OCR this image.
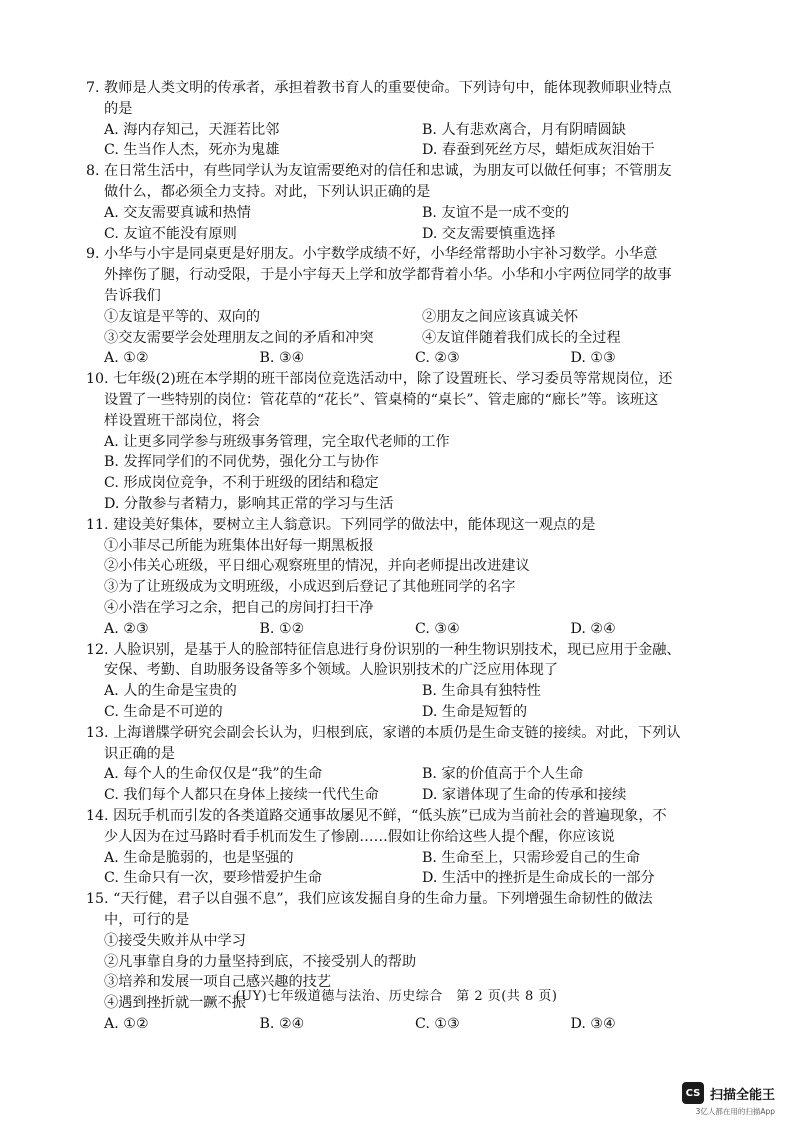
7. 教师是人类文明的传承者，承担着教书育人的重要使命。下列诗句中，能体现教师职业特点
的是
A. 海内存知己，天涯若比邻	B. 人有悲欢离合，月有阴晴圆缺
C. 生当作人杰，死亦为鬼雄	D. 春蚕到死丝方尽，蜡炬成灰泪始干
8. 在日常生活中，有些同学认为友谊需要绝对的信任和忠诚，为朋友可以做任何事；不管朋友
做什么，都必须全力支持。对此，下列认识正确的是
A. 交友需要真诚和热情	B. 友谊不是一成不变的
C. 友谊不能没有原则	D. 交友需要慎重选择
9. 小华与小宇是同桌更是好朋友。小宇数学成绩不好，小华经常帮助小宇补习数学。小华意
外摔伤了腿，行动受限，于是小宇每天上学和放学都背着小华。小华和小宇两位同学的故事
告诉我们
①友谊是平等的、双向的	②朋友之间应该真诚关怀
③交友需要学会处理朋友之间的矛盾和冲突	④友谊伴随着我们成长的全过程
A. ①②	B. ③④	C. ②③	D. ①③
10. 七年级(2)班在本学期的班干部岗位竞选活动中，除了设置班长、学习委员等常规岗位，还
设置了一些特别的岗位：管花草的“花长”、管桌椅的“桌长”、管走廊的“廊长”等。该班这
样设置班干部岗位，将会
A. 让更多同学参与班级事务管理，完全取代老师的工作
B. 发挥同学们的不同优势，强化分工与协作
C. 形成岗位竞争，不利于班级的团结和稳定
D. 分散参与者精力，影响其正常的学习与生活
11. 建设美好集体，要树立主人翁意识。下列同学的做法中，能体现这一观点的是
①小菲尽己所能为班集体出好每一期黑板报
②小伟关心班级，平日细心观察班里的情况，并向老师提出改进建议
③为了让班级成为文明班级，小成迟到后登记了其他班同学的名字
④小浩在学习之余，把自己的房间打扫干净
A. ②③	B. ①②	C. ③④	D. ②④
12. 人脸识别，是基于人的脸部特征信息进行身份识别的一种生物识别技术，现已应用于金融、
安保、考勤、自助服务设备等多个领域。人脸识别技术的广泛应用体现了
A. 人的生命是宝贵的	B. 生命具有独特性
C. 生命是不可逆的	D. 生命是短暂的
13. 上海谱牒学研究会副会长认为，归根到底，家谱的本质仍是生命支链的接续。对此，下列认
识正确的是
A. 每个人的生命仅仅是“我”的生命	B. 家的价值高于个人生命
C. 我们每个人都只在身体上接续一代代生命	D. 家谱体现了生命的传承和接续
14. 因玩手机而引发的各类道路交通事故屡见不鲜，“低头族”已成为当前社会的普遍现象，不
少人因为在过马路时看手机而发生了惨剧……假如让你给这些人提个醒，你应该说
A. 生命是脆弱的，也是坚强的	B. 生命至上，只需珍爱自己的生命
C. 生命只有一次，要珍惜爱护生命	D. 生活中的挫折是生命成长的一部分
15. “天行健，君子以自强不息”，我们应该发掘自身的生命力量。下列增强生命韧性的做法
中，可行的是
①接受失败并从中学习
②凡事靠自身的力量坚持到底，不接受别人的帮助
③培养和发展一项自己感兴趣的技艺
④遇到挫折就一蹶不振
A. ①②	B. ②④	C. ①③	D. ③④
(UY)七年级道德与法治、历史综合　第 2 页(共 8 页)
CS 扫描全能王
3亿人都在用的扫描App
